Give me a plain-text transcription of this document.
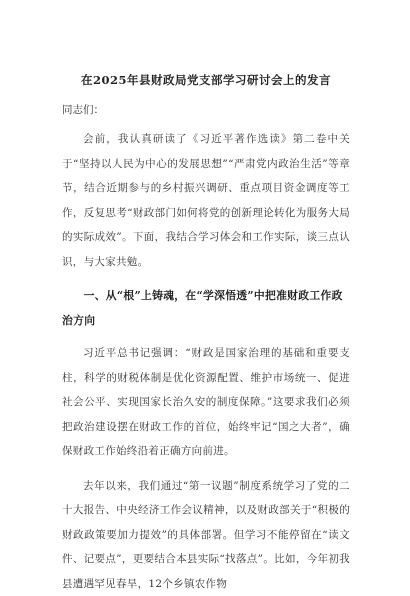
在2025年县财政局党支部学习研讨会上的发言
同志们：

会前，我认真研读了《习近平著作选读》第二卷中关于“坚持以人民为中心的发展思想”“严肃党内政治生活”等章节，结合近期参与的乡村振兴调研、重点项目资金调度等工作，反复思考“财政部门如何将党的创新理论转化为服务大局的实际成效”。下面，我结合学习体会和工作实际，谈三点认识，与大家共勉。

一、从“根”上铸魂，在“学深悟透”中把准财政工作政治方向

习近平总书记强调：“财政是国家治理的基础和重要支柱，科学的财税体制是优化资源配置、维护市场统一、促进社会公平、实现国家长治久安的制度保障。”这要求我们必须把政治建设摆在财政工作的首位，始终牢记“国之大者”，确保财政工作始终沿着正确方向前进。

去年以来，我们通过“第一议题”制度系统学习了党的二十大报告、中央经济工作会议精神，以及财政部关于“积极的财政政策要加力提效”的具体部署。但学习不能停留在“读文件、记要点”，更要结合本县实际“找落点”。比如，今年初我县遭遇罕见春旱，12个乡镇农作物
